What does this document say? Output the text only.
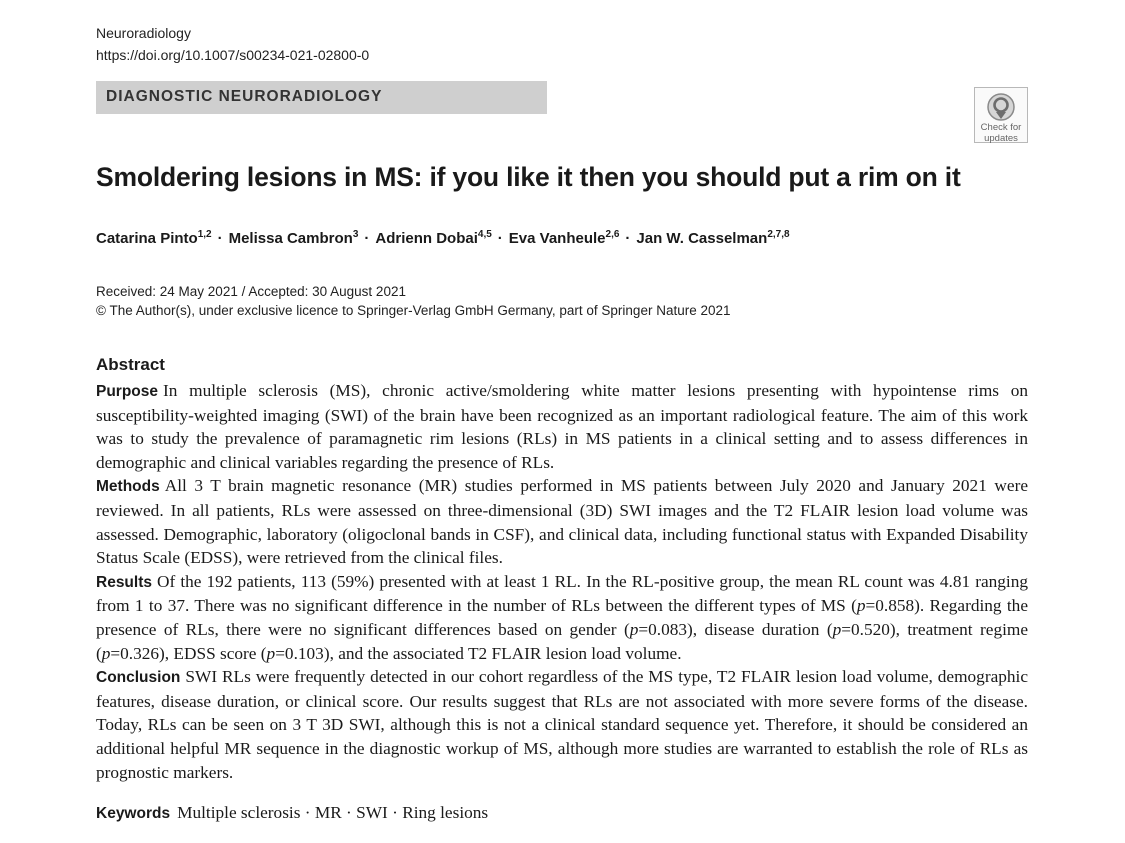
Neuroradiology
https://doi.org/10.1007/s00234-021-02800-0
DIAGNOSTIC NEURORADIOLOGY
Check for
updates
Smoldering lesions in MS: if you like it then you should put a rim on it
Catarina Pinto$^{1,2}$ · Melissa Cambron$^3$ · Adrienn Dobai$^{4,5}$ · Eva Vanheule$^{2,6}$ · Jan W. Casselman$^{2,7,8}$
Received: 24 May 2021 / Accepted: 30 August 2021
© The Author(s), under exclusive licence to Springer-Verlag GmbH Germany, part of Springer Nature 2021
Abstract

Purpose In multiple sclerosis (MS), chronic active/smoldering white matter lesions presenting with hypointense rims on susceptibility-weighted imaging (SWI) of the brain have been recognized as an important radiological feature. The aim of this work was to study the prevalence of paramagnetic rim lesions (RLs) in MS patients in a clinical setting and to assess differences in demographic and clinical variables regarding the presence of RLs.

Methods All 3 T brain magnetic resonance (MR) studies performed in MS patients between July 2020 and January 2021 were reviewed. In all patients, RLs were assessed on three-dimensional (3D) SWI images and the T2 FLAIR lesion load volume was assessed. Demographic, laboratory (oligoclonal bands in CSF), and clinical data, including functional status with Expanded Disability Status Scale (EDSS), were retrieved from the clinical files.

Results Of the 192 patients, 113 (59%) presented with at least 1 RL. In the RL-positive group, the mean RL count was 4.81 ranging from 1 to 37. There was no significant difference in the number of RLs between the different types of MS (p=0.858). Regarding the presence of RLs, there were no significant differences based on gender (p=0.083), disease duration (p=0.520), treatment regime (p=0.326), EDSS score (p=0.103), and the associated T2 FLAIR lesion load volume.

Conclusion SWI RLs were frequently detected in our cohort regardless of the MS type, T2 FLAIR lesion load volume, demographic features, disease duration, or clinical score. Our results suggest that RLs are not associated with more severe forms of the disease. Today, RLs can be seen on 3 T 3D SWI, although this is not a clinical standard sequence yet. Therefore, it should be considered an additional helpful MR sequence in the diagnostic workup of MS, although more studies are warranted to establish the role of RLs as prognostic markers.

Keywords Multiple sclerosis · MR · SWI · Ring lesions
